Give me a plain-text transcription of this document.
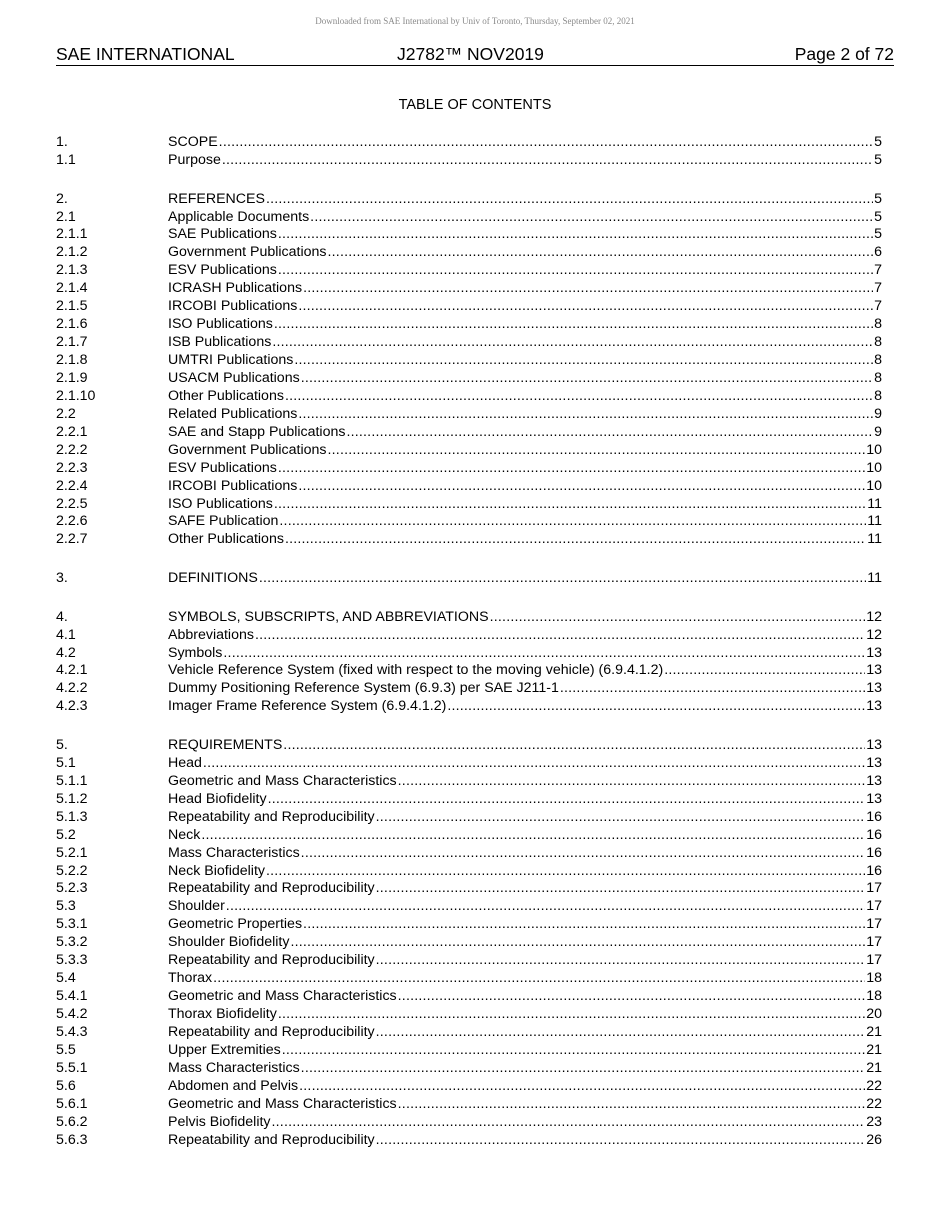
Downloaded from SAE International by Univ of Toronto, Thursday, September 02, 2021
SAE INTERNATIONAL	J2782™ NOV2019	Page 2 of 72
TABLE OF CONTENTS
1.	SCOPE .....	5
1.1	Purpose .....	5
2.	REFERENCES .....	5
2.1	Applicable Documents .....	5
2.1.1	SAE Publications .....	5
2.1.2	Government Publications .....	6
2.1.3	ESV Publications .....	7
2.1.4	ICRASH Publications .....	7
2.1.5	IRCOBI Publications .....	7
2.1.6	ISO Publications .....	8
2.1.7	ISB Publications .....	8
2.1.8	UMTRI Publications .....	8
2.1.9	USACM Publications .....	8
2.1.10	Other Publications .....	8
2.2	Related Publications .....	9
2.2.1	SAE and Stapp Publications .....	9
2.2.2	Government Publications .....	10
2.2.3	ESV Publications .....	10
2.2.4	IRCOBI Publications .....	10
2.2.5	ISO Publications .....	11
2.2.6	SAFE Publication .....	11
2.2.7	Other Publications .....	11
3.	DEFINITIONS .....	11
4.	SYMBOLS, SUBSCRIPTS, AND ABBREVIATIONS .....	12
4.1	Abbreviations .....	12
4.2	Symbols .....	13
4.2.1	Vehicle Reference System (fixed with respect to the moving vehicle) (6.9.4.1.2) .....	13
4.2.2	Dummy Positioning Reference System (6.9.3) per SAE J211-1 .....	13
4.2.3	Imager Frame Reference System (6.9.4.1.2) .....	13
5.	REQUIREMENTS .....	13
5.1	Head .....	13
5.1.1	Geometric and Mass Characteristics .....	13
5.1.2	Head Biofidelity .....	13
5.1.3	Repeatability and Reproducibility .....	16
5.2	Neck .....	16
5.2.1	Mass Characteristics .....	16
5.2.2	Neck Biofidelity .....	16
5.2.3	Repeatability and Reproducibility .....	17
5.3	Shoulder .....	17
5.3.1	Geometric Properties .....	17
5.3.2	Shoulder Biofidelity .....	17
5.3.3	Repeatability and Reproducibility .....	17
5.4	Thorax .....	18
5.4.1	Geometric and Mass Characteristics .....	18
5.4.2	Thorax Biofidelity .....	20
5.4.3	Repeatability and Reproducibility .....	21
5.5	Upper Extremities .....	21
5.5.1	Mass Characteristics .....	21
5.6	Abdomen and Pelvis .....	22
5.6.1	Geometric and Mass Characteristics .....	22
5.6.2	Pelvis Biofidelity .....	23
5.6.3	Repeatability and Reproducibility .....	26
